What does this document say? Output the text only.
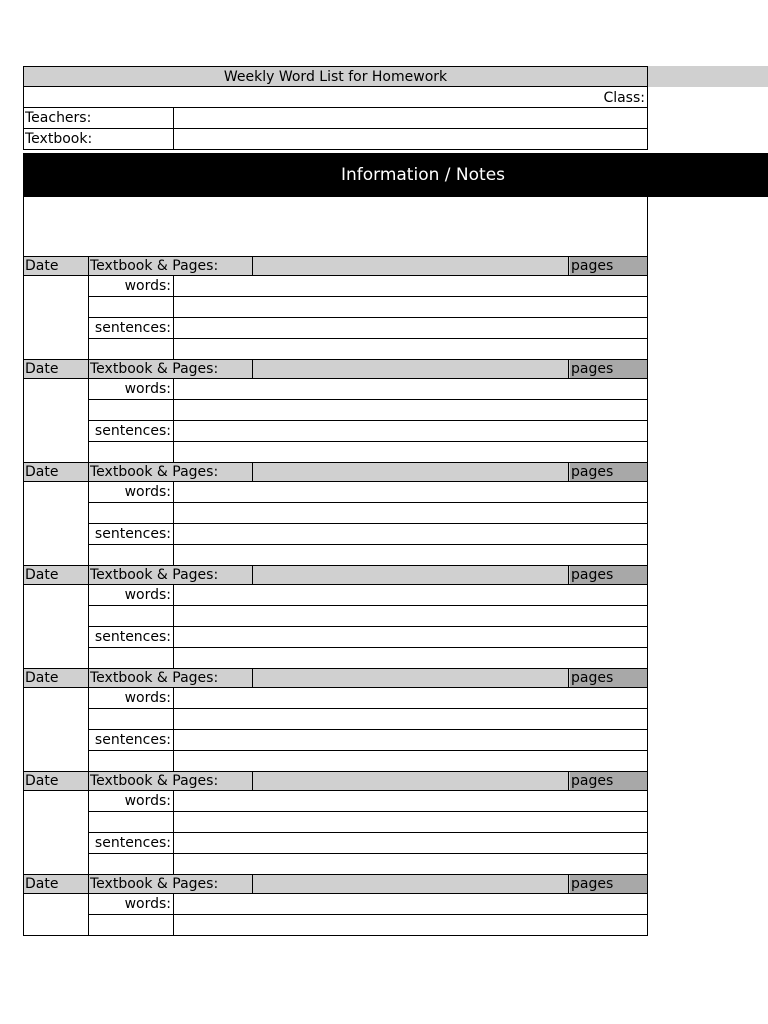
Information / Notes
Weekly Word List for Homework
Class:
Teachers:
Textbook:
Date	Textbook & Pages:	pages
words:
sentences:
Date	Textbook & Pages:	pages
words:
sentences:
Date	Textbook & Pages:	pages
words:
sentences:
Date	Textbook & Pages:	pages
words:
sentences:
Date	Textbook & Pages:	pages
words:
sentences:
Date	Textbook & Pages:	pages
words:
sentences:
Date	Textbook & Pages:	pages
words:
